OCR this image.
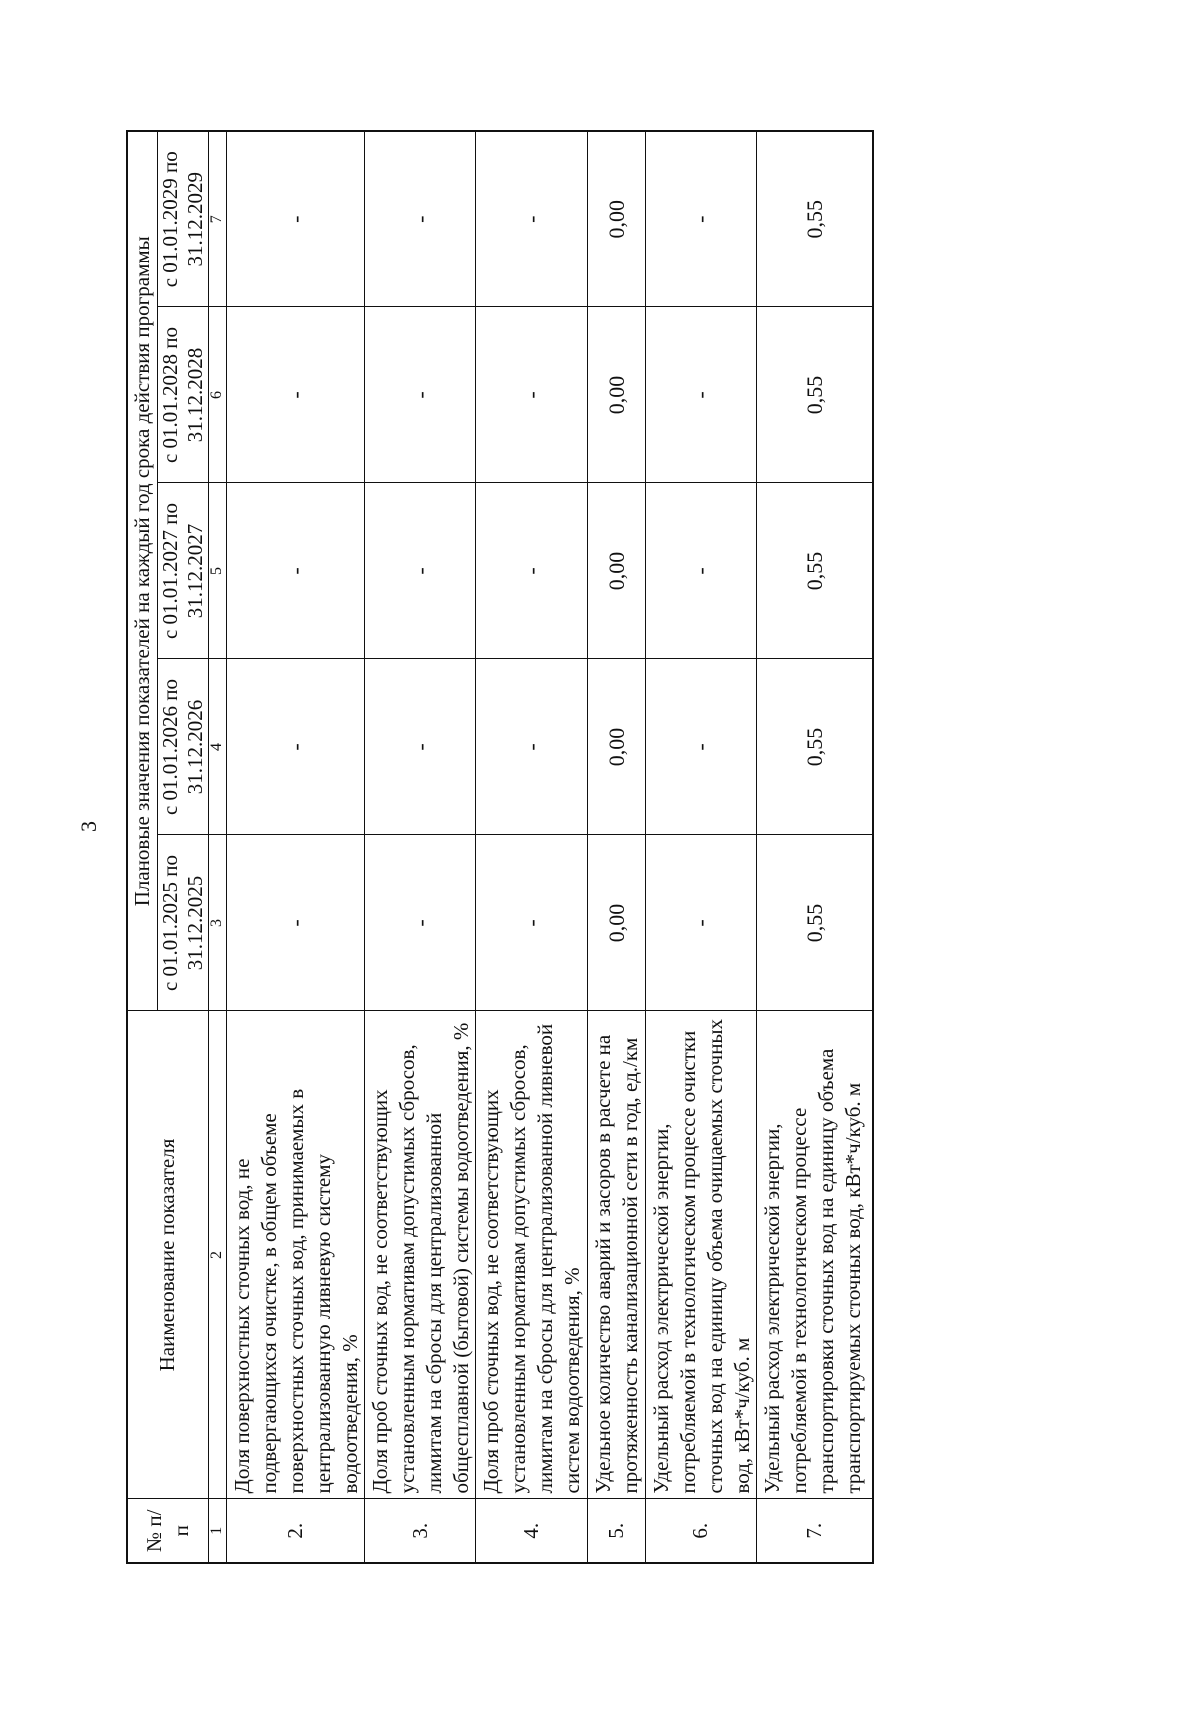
3
№ п/п	Наименование показателя	Плановые значения показателей на каждый год срока действия программы				
		с 01.01.2025 по 31.12.2025	с 01.01.2026 по 31.12.2026	с 01.01.2027 по 31.12.2027	с 01.01.2028 по 31.12.2028	с 01.01.2029 по 31.12.2029
1	2	3	4	5	6	7
2.	Доля поверхностных сточных вод, не подвергающихся очистке, в общем объеме поверхностных сточных вод, принимаемых в централизованную ливневую систему водоотведения, %	-	-	-	-	-
3.	Доля проб сточных вод, не соответствующих установленным нормативам допустимых сбросов, лимитам на сбросы для централизованной общесплавной (бытовой) системы водоотведения, %	-	-	-	-	-
4.	Доля проб сточных вод, не соответствующих установленным нормативам допустимых сбросов, лимитам на сбросы для централизованной ливневой систем водоотведения, %	-	-	-	-	-
5.	Удельное количество аварий и засоров в расчете на протяженность канализационной сети в год, ед./км	0,00	0,00	0,00	0,00	0,00
6.	Удельный расход электрической энергии, потребляемой в технологическом процессе очистки сточных вод на единицу объема очищаемых сточных вод, кВт*ч/куб. м	-	-	-	-	-
7.	Удельный расход электрической энергии, потребляемой в технологическом процессе транспортировки сточных вод на единицу объема транспортируемых сточных вод, кВт*ч/куб. м	0,55	0,55	0,55	0,55	0,55
